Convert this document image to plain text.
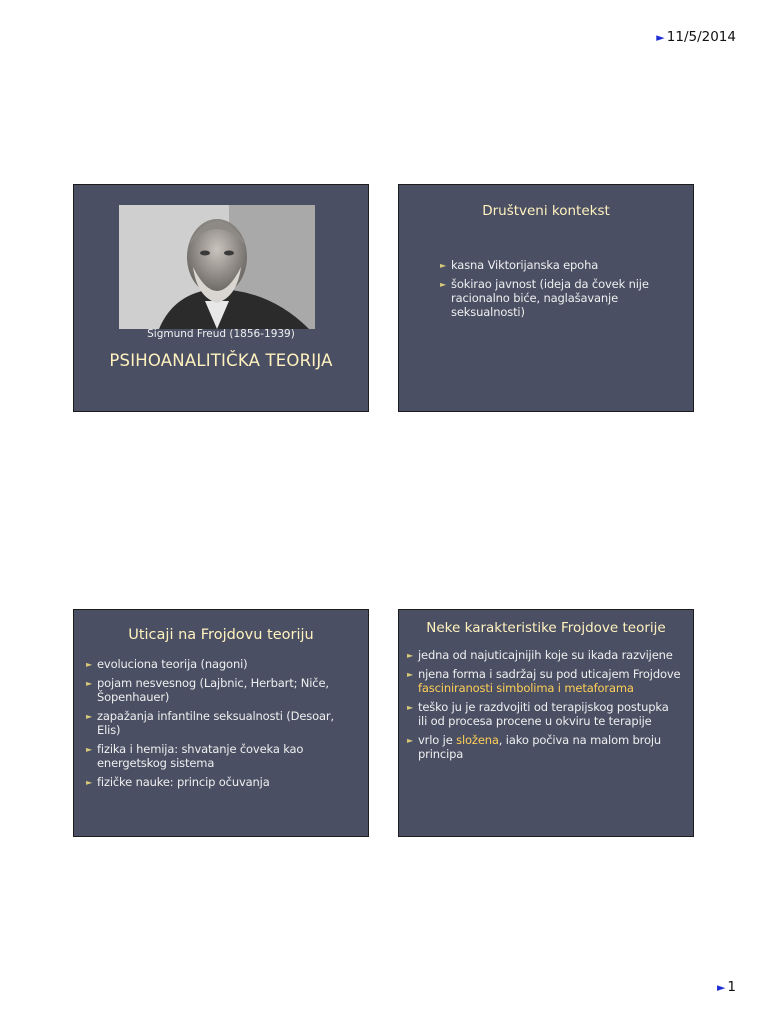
► 11/5/2014
Sigmund Freud (1856-1939)
PSIHOANALITIČKA TEORIJA
Društveni kontekst
► kasna Viktorijanska epoha
► šokirao javnost (ideja da čovek nije racionalno biće, naglašavanje seksualnosti)
Uticaji na Frojdovu teoriju
► evoluciona teorija (nagoni)
► pojam nesvesnog (Lajbnic, Herbart; Niče, Šopenhauer)
► zapažanja infantilne seksualnosti (Desoar, Elis)
► fizika i hemija: shvatanje čoveka kao energetskog sistema
► fizičke nauke: princip očuvanja
Neke karakteristike Frojdove teorije
► jedna od najuticajnijih koje su ikada razvijene
► njena forma i sadržaj su pod uticajem Frojdove fasciniranosti simbolima i metaforama
► teško ju je razdvojiti od terapijskog postupka ili od procesa procene u okviru te terapije
► vrlo je složena, iako počiva na malom broju principa
► 1
